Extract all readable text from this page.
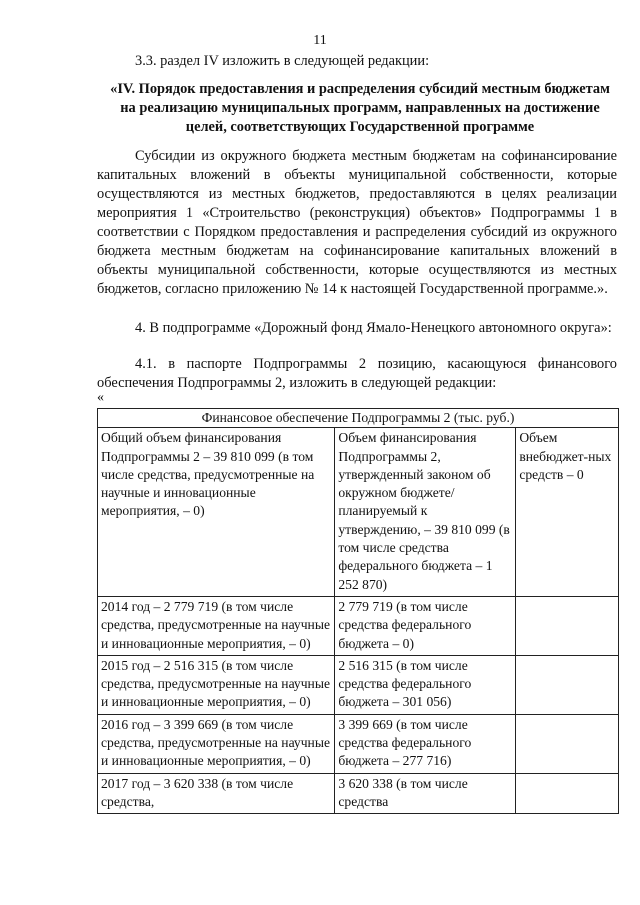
11

3.3. раздел IV изложить в следующей редакции:

«IV. Порядок предоставления и распределения субсидий местным бюджетам на реализацию муниципальных программ, направленных на достижение целей, соответствующих Государственной программе

Субсидии из окружного бюджета местным бюджетам на софинансирование капитальных вложений в объекты муниципальной собственности, которые осуществляются из местных бюджетов, предоставляются в целях реализации мероприятия 1 «Строительство (реконструкция) объектов» Подпрограммы 1 в соответствии с Порядком предоставления и распределения субсидий из окружного бюджета местным бюджетам на софинансирование капитальных вложений в объекты муниципальной собственности, которые осуществляются из местных бюджетов, согласно приложению № 14 к настоящей Государственной программе.».

4. В подпрограмме «Дорожный фонд Ямало-Ненецкого автономного округа»:

4.1. в паспорте Подпрограммы 2 позицию, касающуюся финансового обеспечения Подпрограммы 2, изложить в следующей редакции:

«
Финансовое обеспечение Подпрограммы 2 (тыс. руб.)		
Общий объем финансирования Подпрограммы 2 – 39 810 099 (в том числе средства, предусмотренные на научные и инновационные мероприятия, – 0)	Объем финансирования Подпрограммы 2, утвержденный законом об окружном бюджете/планируемый к утверждению, – 39 810 099 (в том числе средства федерального бюджета – 1 252 870)	Объем внебюджет-ных средств – 0
2014 год – 2 779 719 (в том числе средства, предусмотренные на научные и инновационные мероприятия, – 0)	2 779 719 (в том числе средства федерального бюджета – 0)	
2015 год – 2 516 315 (в том числе средства, предусмотренные на научные и инновационные мероприятия, – 0)	2 516 315 (в том числе средства федерального бюджета – 301 056)	
2016 год – 3 399 669 (в том числе средства, предусмотренные на научные и инновационные мероприятия, – 0)	3 399 669 (в том числе средства федерального бюджета – 277 716)	
2017 год – 3 620 338 (в том числе средства,	3 620 338 (в том числе средства	
